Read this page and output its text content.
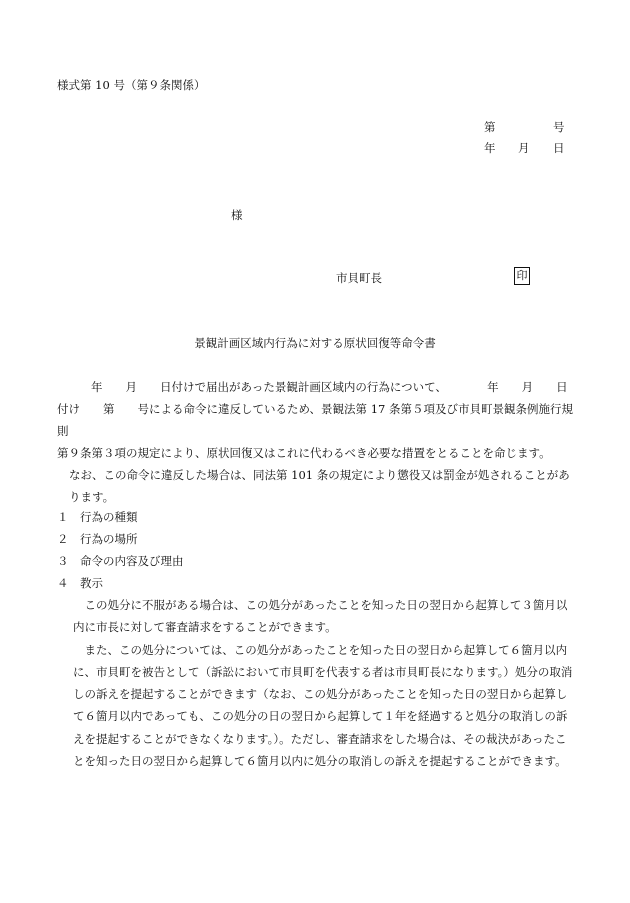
様式第 10 号（第９条関係）
第	号
年 月 日
様
市貝町長	印
景観計画区域内行為に対する原状回復等命令書

年　　月　　日付けで届出があった景観計画区域内の行為について、　　　　年　　月　　日

付け　　第　　号による命令に違反しているため、景観法第 17 条第５項及び市貝町景観条例施行規則

第９条第３項の規定により、原状回復又はこれに代わるべき必要な措置をとることを命じます。

なお、この命令に違反した場合は、同法第 101 条の規定により懲役又は罰金が処されることがあります。

１	行為の種類
２	行為の場所
３	命令の内容及び理由
４	教示

この処分に不服がある場合は、この処分があったことを知った日の翌日から起算して３箇月以内に市長に対して審査請求をすることができます。

また、この処分については、この処分があったことを知った日の翌日から起算して６箇月以内に、市貝町を被告として（訴訟において市貝町を代表する者は市貝町長になります。）処分の取消しの訴えを提起することができます（なお、この処分があったことを知った日の翌日から起算して６箇月以内であっても、この処分の日の翌日から起算して１年を経過すると処分の取消しの訴えを提起することができなくなります。）。ただし、審査請求をした場合は、その裁決があったことを知った日の翌日から起算して６箇月以内に処分の取消しの訴えを提起することができます。
